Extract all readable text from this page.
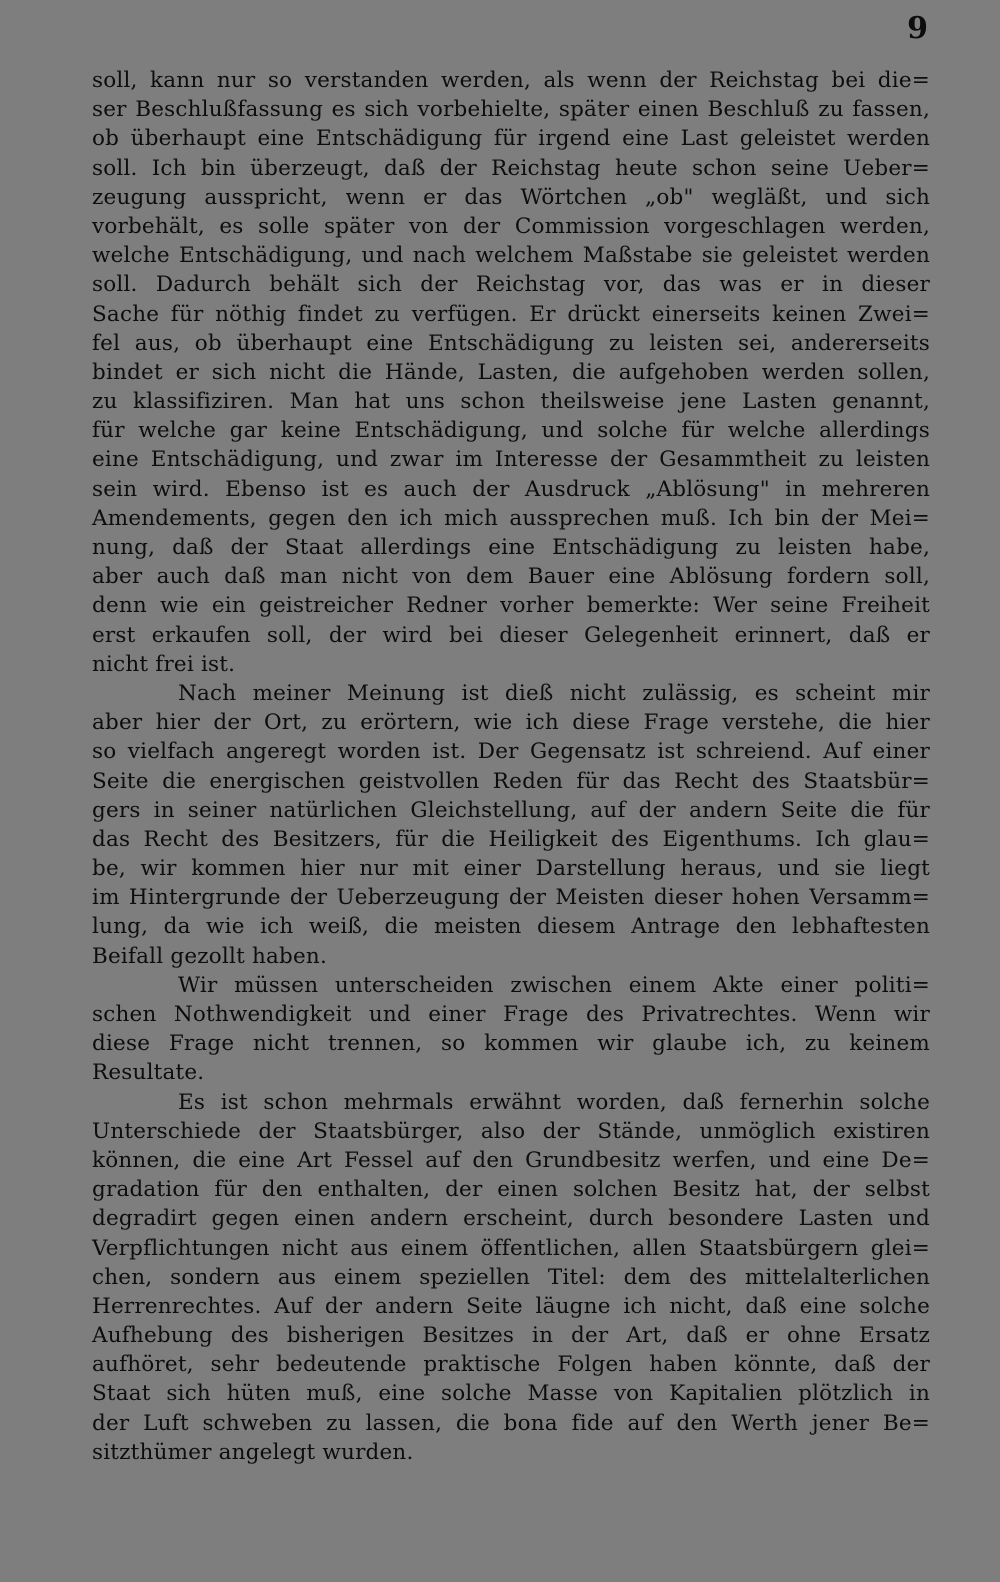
9
soll, kann nur so verstanden werden, als wenn der Reichstag bei die=
ser Beschlußfassung es sich vorbehielte, später einen Beschluß zu fassen,
ob überhaupt eine Entschädigung für irgend eine Last geleistet werden
soll. Ich bin überzeugt, daß der Reichstag heute schon seine Ueber=
zeugung ausspricht, wenn er das Wörtchen „ob" wegläßt, und sich
vorbehält, es solle später von der Commission vorgeschlagen werden,
welche Entschädigung, und nach welchem Maßstabe sie geleistet werden
soll. Dadurch behält sich der Reichstag vor, das was er in dieser
Sache für nöthig findet zu verfügen. Er drückt einerseits keinen Zwei=
fel aus, ob überhaupt eine Entschädigung zu leisten sei, andererseits
bindet er sich nicht die Hände, Lasten, die aufgehoben werden sollen,
zu klassifiziren. Man hat uns schon theilsweise jene Lasten genannt,
für welche gar keine Entschädigung, und solche für welche allerdings
eine Entschädigung, und zwar im Interesse der Gesammtheit zu leisten
sein wird. Ebenso ist es auch der Ausdruck „Ablösung" in mehreren
Amendements, gegen den ich mich aussprechen muß. Ich bin der Mei=
nung, daß der Staat allerdings eine Entschädigung zu leisten habe,
aber auch daß man nicht von dem Bauer eine Ablösung fordern soll,
denn wie ein geistreicher Redner vorher bemerkte: Wer seine Freiheit
erst erkaufen soll, der wird bei dieser Gelegenheit erinnert, daß er
nicht frei ist.
Nach meiner Meinung ist dieß nicht zulässig, es scheint mir
aber hier der Ort, zu erörtern, wie ich diese Frage verstehe, die hier
so vielfach angeregt worden ist. Der Gegensatz ist schreiend. Auf einer
Seite die energischen geistvollen Reden für das Recht des Staatsbür=
gers in seiner natürlichen Gleichstellung, auf der andern Seite die für
das Recht des Besitzers, für die Heiligkeit des Eigenthums. Ich glau=
be, wir kommen hier nur mit einer Darstellung heraus, und sie liegt
im Hintergrunde der Ueberzeugung der Meisten dieser hohen Versamm=
lung, da wie ich weiß, die meisten diesem Antrage den lebhaftesten
Beifall gezollt haben.
Wir müssen unterscheiden zwischen einem Akte einer politi=
schen Nothwendigkeit und einer Frage des Privatrechtes. Wenn wir
diese Frage nicht trennen, so kommen wir glaube ich, zu keinem
Resultate.
Es ist schon mehrmals erwähnt worden, daß fernerhin solche
Unterschiede der Staatsbürger, also der Stände, unmöglich existiren
können, die eine Art Fessel auf den Grundbesitz werfen, und eine De=
gradation für den enthalten, der einen solchen Besitz hat, der selbst
degradirt gegen einen andern erscheint, durch besondere Lasten und
Verpflichtungen nicht aus einem öffentlichen, allen Staatsbürgern glei=
chen, sondern aus einem speziellen Titel: dem des mittelalterlichen
Herrenrechtes. Auf der andern Seite läugne ich nicht, daß eine solche
Aufhebung des bisherigen Besitzes in der Art, daß er ohne Ersatz
aufhöret, sehr bedeutende praktische Folgen haben könnte, daß der
Staat sich hüten muß, eine solche Masse von Kapitalien plötzlich in
der Luft schweben zu lassen, die bona fide auf den Werth jener Be=
sitzthümer angelegt wurden.
